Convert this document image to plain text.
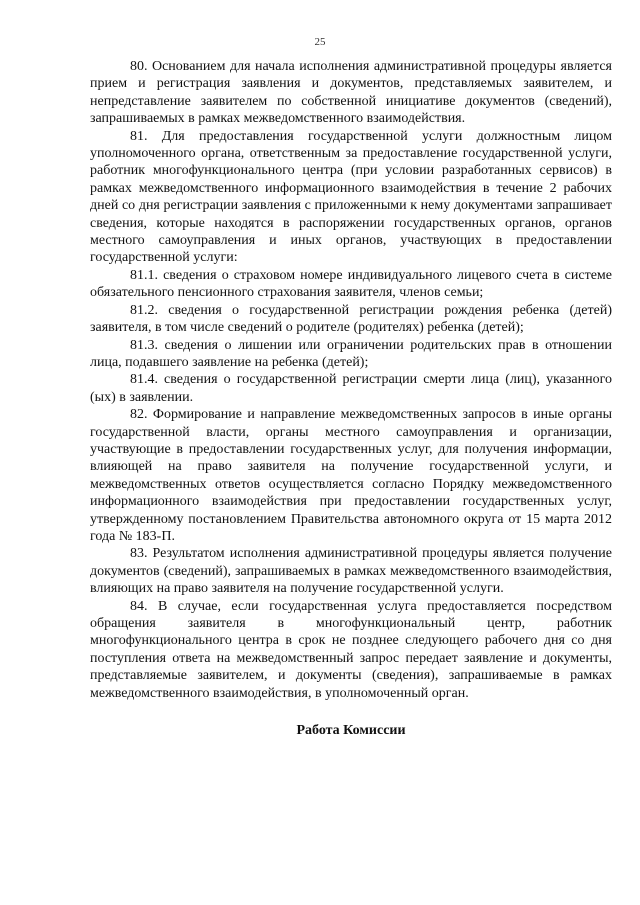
25

80. Основанием для начала исполнения административной процедуры является прием и регистрация заявления и документов, представляемых заявителем, и непредставление заявителем по собственной инициативе документов (сведений), запрашиваемых в рамках межведомственного взаимодействия.

81. Для предоставления государственной услуги должностным лицом уполномоченного органа, ответственным за предоставление государственной услуги, работник многофункционального центра (при условии разработанных сервисов) в рамках межведомственного информационного взаимодействия в течение 2 рабочих дней со дня регистрации заявления с приложенными к нему документами запрашивает сведения, которые находятся в распоряжении государственных органов, органов местного самоуправления и иных органов, участвующих в предоставлении государственной услуги:

81.1. сведения о страховом номере индивидуального лицевого счета в системе обязательного пенсионного страхования заявителя, членов семьи;

81.2. сведения о государственной регистрации рождения ребенка (детей) заявителя, в том числе сведений о родителе (родителях) ребенка (детей);

81.3. сведения о лишении или ограничении родительских прав в отношении лица, подавшего заявление на ребенка (детей);

81.4. сведения о государственной регистрации смерти лица (лиц), указанного (ых) в заявлении.

82. Формирование и направление межведомственных запросов в иные органы государственной власти, органы местного самоуправления и организации, участвующие в предоставлении государственных услуг, для получения информации, влияющей на право заявителя на получение государственной услуги, и межведомственных ответов осуществляется согласно Порядку межведомственного информационного взаимодействия при предоставлении государственных услуг, утвержденному постановлением Правительства автономного округа от 15 марта 2012 года № 183-П.

83. Результатом исполнения административной процедуры является получение документов (сведений), запрашиваемых в рамках межведомственного взаимодействия, влияющих на право заявителя на получение государственной услуги.

84. В случае, если государственная услуга предоставляется посредством обращения заявителя в многофункциональный центр, работник многофункционального центра в срок не позднее следующего рабочего дня со дня поступления ответа на межведомственный запрос передает заявление и документы, представляемые заявителем, и документы (сведения), запрашиваемые в рамках межведомственного взаимодействия, в уполномоченный орган.

Работа Комиссии
